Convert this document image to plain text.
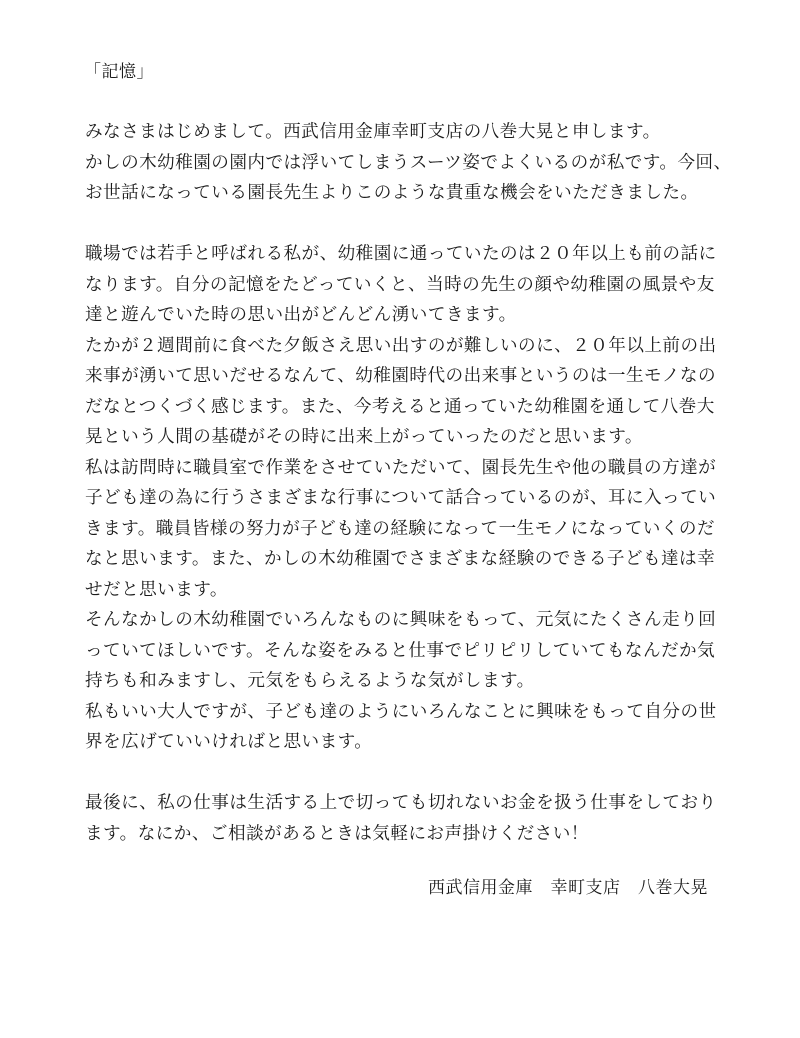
「記憶」
みなさまはじめまして。西武信用金庫幸町支店の八巻大晃と申します。
かしの木幼稚園の園内では浮いてしまうスーツ姿でよくいるのが私です。今回、
お世話になっている園長先生よりこのような貴重な機会をいただきました。
職場では若手と呼ばれる私が、幼稚園に通っていたのは２０年以上も前の話に
なります。自分の記憶をたどっていくと、当時の先生の顔や幼稚園の風景や友
達と遊んでいた時の思い出がどんどん湧いてきます。
たかが２週間前に食べた夕飯さえ思い出すのが難しいのに、２０年以上前の出
来事が湧いて思いだせるなんて、幼稚園時代の出来事というのは一生モノなの
だなとつくづく感じます。また、今考えると通っていた幼稚園を通して八巻大
晃という人間の基礎がその時に出来上がっていったのだと思います。
私は訪問時に職員室で作業をさせていただいて、園長先生や他の職員の方達が
子ども達の為に行うさまざまな行事について話合っているのが、耳に入ってい
きます。職員皆様の努力が子ども達の経験になって一生モノになっていくのだ
なと思います。また、かしの木幼稚園でさまざまな経験のできる子ども達は幸
せだと思います。
そんなかしの木幼稚園でいろんなものに興味をもって、元気にたくさん走り回
っていてほしいです。そんな姿をみると仕事でピリピリしていてもなんだか気
持ちも和みますし、元気をもらえるような気がします。
私もいい大人ですが、子ども達のようにいろんなことに興味をもって自分の世
界を広げていいければと思います。
最後に、私の仕事は生活する上で切っても切れないお金を扱う仕事をしており
ます。なにか、ご相談があるときは気軽にお声掛けください！
西武信用金庫　幸町支店　八巻大晃
